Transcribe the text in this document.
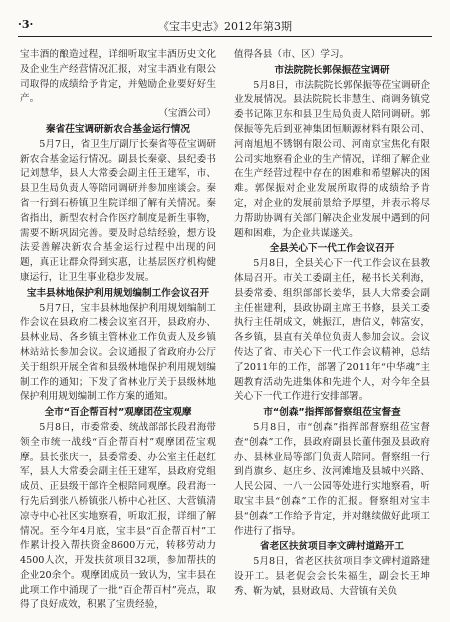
·3·	《宝丰史志》2012年第3期

宝丰酒的酿造过程，详细听取宝丰酒历史文化及企业生产经营情况汇报，对宝丰酒业有限公司取得的成绩给予肯定，并勉励企业要好好生产。

（宝酒公司）

秦省茌宝调研新农合基金运行情况

5月7日，省卫生厅副厅长秦省等莅宝调研新农合基金运行情况。副县长秦豪、县纪委书记刘慧华，县人大常委会副主任王建军，市、县卫生局负责人等陪同调研并参加座谈会。秦省一行到石桥镇卫生院详细了解有关情况。秦省指出，新型农村合作医疗制度是新生事物，需要不断巩固完善。要及时总结经验，想方设法妥善解决新农合基金运行过程中出现的问题，真正让群众得到实惠，让基层医疗机构健康运行，让卫生事业稳步发展。

宝丰县林地保护利用规划编制工作会议召开

5月7日，宝丰县林地保护利用规划编制工作会议在县政府二楼会议室召开，县政府办、县林业局、各乡镇主管林业工作负责人及乡镇林站站长参加会议。会议通报了省政府办公厅关于组织开展全省和县级林地保护利用规划编制工作的通知；下发了省林业厅关于县级林地保护利用规划编制工作方案的通知。

全市“百企帮百村”观摩团莅宝观摩

5月8日，市委常委、统战部部长段君海带领全市统一战线“百企帮百村”观摩团莅宝观摩。县长张庆一，县委常委、办公室主任赵红军，县人大常委会副主任王建军，县政府党组成员、正县级干部许全根陪同观摩。段君海一行先后到张八桥镇张八桥中心社区、大营镇清凉寺中心社区实地察看，听取汇报，详细了解情况。至今年4月底，宝丰县“百企帮百村”工作累计投入帮扶资金8600万元，转移劳动力4500人次，开发扶贫项目32项，参加帮扶的企业20余个。观摩团成员一致认为，宝丰县在此项工作中涌现了一批“百企帮百村”亮点，取得了良好成效，积累了宝贵经验，

值得各县（市、区）学习。

市法院院长郭保振莅宝调研

5月8日，市法院院长郭保振等莅宝调研企业发展情况。县法院院长非慧生、商调务镇党委书记陈卫东和县卫生局负责人陪同调研。郭保振等先后到亚神集团恒顺源材料有限公司、河南旭旭不锈钢有限公司、河南京宝焦化有限公司实地察看企业的生产情况，详细了解企业在生产经营过程中存在的困难和希望解决的困难。郭保振对企业发展所取得的成绩给予肯定，对企业的发展前景给予厚望，并表示将尽力帮助协调有关部门解决企业发展中遇到的问题和困难，为企业共谋遂关。

全县关心下一代工作会议召开

5月8日，全县关心下一代工作会议在县教体局召开。市关工委副主任，秘书长关利海，县委常委、组织部部长姜华，县人大常委会副主任崔建利，县政协副主席王书修，县关工委执行主任胡成文，姚振江，唐信义，韩富安，各乡镇，县直有关单位负责人参加会议。会议传达了省、市关心下一代工作会议精神，总结了2011年的工作，部署了2011年“中华魂”主题教育活动先进集体和先进个人，对今年全县关心下一代工作进行安排部署。

市“创森”指挥部督察组莅宝督查

5月8日，市“创森”指挥部督察组莅宝督查“创森”工作，县政府副县长董伟强及县政府办、县林业局等部门负责人陪同。督察组一行到肖旗乡、赵庄乡、汝河滩地及县城中兴路、人民公园、一八一公园等处进行实地察看，听取宝丰县“创森”工作的汇报。督察组对宝丰县“创森”工作给予肯定，并对继续做好此项工作进行了指导。

省老区扶贫项目李文碑村道路开工

5月8日，省老区扶贫项目李文碑村道路建设开工。县老促会会长朱福生，副会长王坤秀、靳为斌，县财政局、大营镇有关负
